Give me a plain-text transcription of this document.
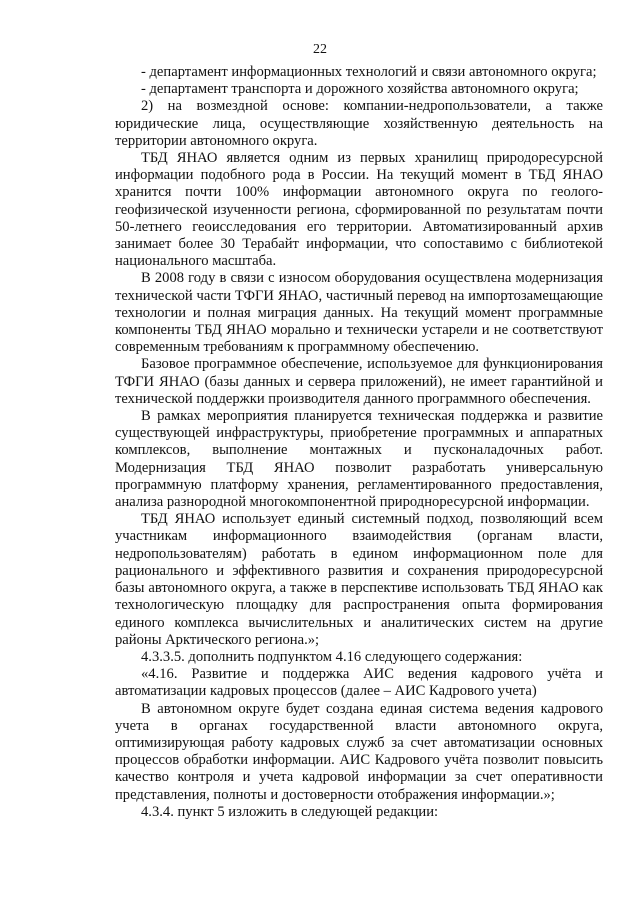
22

- департамент информационных технологий и связи автономного округа;

- департамент транспорта и дорожного хозяйства автономного округа;

2) на возмездной основе: компании-недропользователи, а также юридические лица, осуществляющие хозяйственную деятельность на территории автономного округа.

ТБД ЯНАО является одним из первых хранилищ природоресурсной информации подобного рода в России. На текущий момент в ТБД ЯНАО хранится почти 100% информации автономного округа по геолого-геофизической изученности региона, сформированной по результатам почти 50-летнего геоисследования его территории. Автоматизированный архив занимает более 30 Терабайт информации, что сопоставимо с библиотекой национального масштаба.

В 2008 году в связи с износом оборудования осуществлена модернизация технической части ТФГИ ЯНАО, частичный перевод на импортозамещающие технологии и полная миграция данных. На текущий момент программные компоненты ТБД ЯНАО морально и технически устарели и не соответствуют современным требованиям к программному обеспечению.

Базовое программное обеспечение, используемое для функционирования ТФГИ ЯНАО (базы данных и сервера приложений), не имеет гарантийной и технической поддержки производителя данного программного обеспечения.

В рамках мероприятия планируется техническая поддержка и развитие существующей инфраструктуры, приобретение программных и аппаратных комплексов, выполнение монтажных и пусконаладочных работ. Модернизация ТБД ЯНАО позволит разработать универсальную программную платформу хранения, регламентированного предоставления, анализа разнородной многокомпонентной природноресурсной информации.

ТБД ЯНАО использует единый системный подход, позволяющий всем участникам информационного взаимодействия (органам власти, недропользователям) работать в едином информационном поле для рационального и эффективного развития и сохранения природоресурсной базы автономного округа, а также в перспективе использовать ТБД ЯНАО как технологическую площадку для распространения опыта формирования единого комплекса вычислительных и аналитических систем на другие районы Арктического региона.»;

4.3.3.5. дополнить подпунктом 4.16 следующего содержания:

«4.16. Развитие и поддержка АИС ведения кадрового учёта и автоматизации кадровых процессов (далее – АИС Кадрового учета)

В автономном округе будет создана единая система ведения кадрового учета в органах государственной власти автономного округа, оптимизирующая работу кадровых служб за счет автоматизации основных процессов обработки информации. АИС Кадрового учёта позволит повысить качество контроля и учета кадровой информации за счет оперативности представления, полноты и достоверности отображения информации.»;

4.3.4. пункт 5 изложить в следующей редакции:
